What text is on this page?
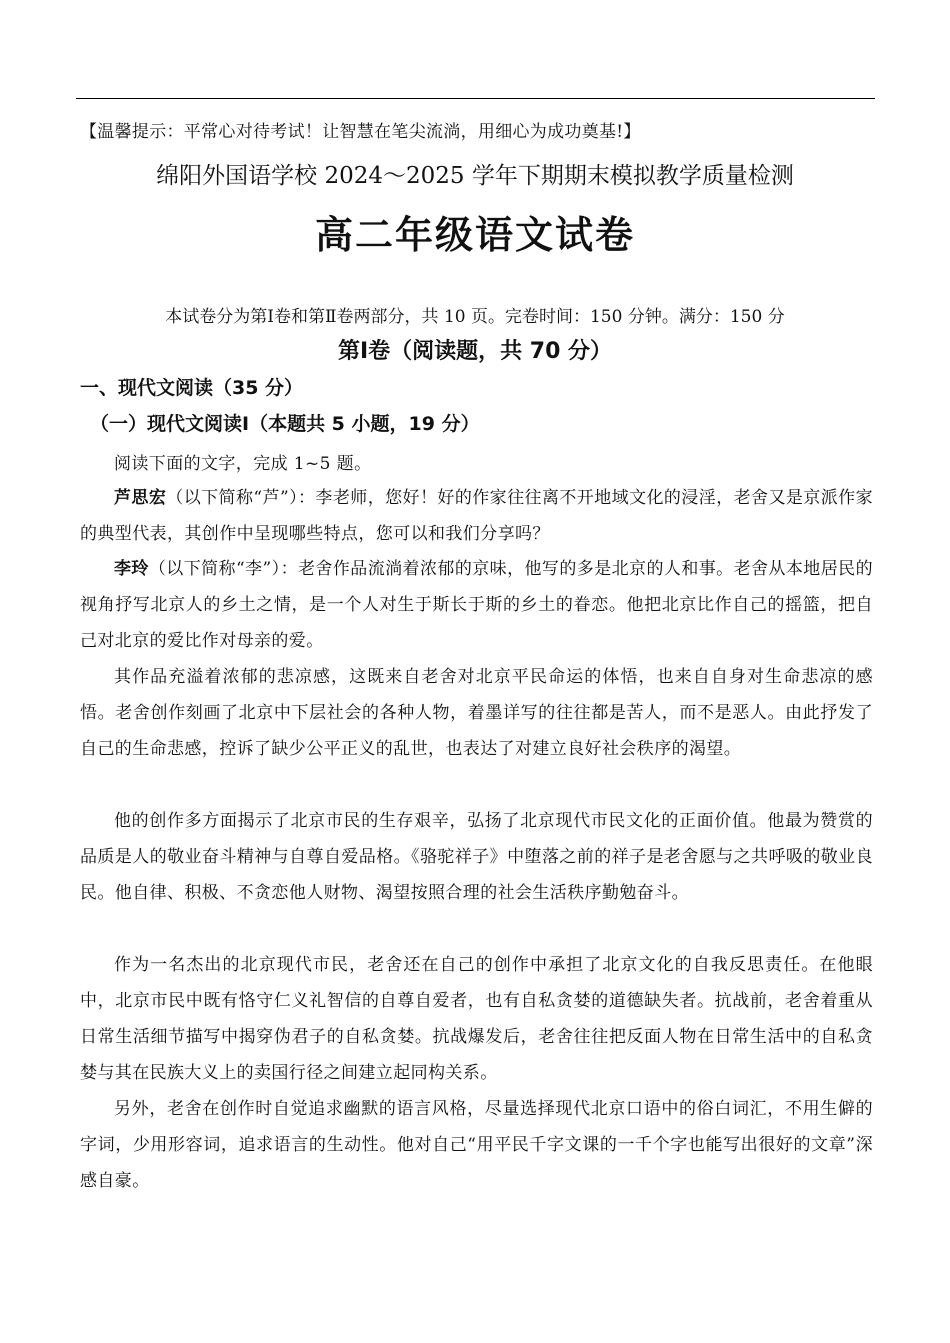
【温馨提示：平常心对待考试！让智慧在笔尖流淌，用细心为成功奠基!】
绵阳外国语学校 2024～2025 学年下期期末模拟教学质量检测
高二年级语文试卷
本试卷分为第Ⅰ卷和第Ⅱ卷两部分，共 10 页。完卷时间：150 分钟。满分：150 分
第Ⅰ卷（阅读题，共 70 分）
一、现代文阅读（35 分）
（一）现代文阅读Ⅰ（本题共 5 小题，19 分）
阅读下面的文字，完成 1~5 题。
芦思宏（以下简称“芦”）：李老师，您好！好的作家往往离不开地域文化的浸淫，老舍又是京派作家的典型代表，其创作中呈现哪些特点，您可以和我们分享吗？
李玲（以下简称“李”）：老舍作品流淌着浓郁的京味，他写的多是北京的人和事。老舍从本地居民的视角抒写北京人的乡土之情，是一个人对生于斯长于斯的乡土的眷恋。他把北京比作自己的摇篮，把自己对北京的爱比作对母亲的爱。
其作品充溢着浓郁的悲凉感，这既来自老舍对北京平民命运的体悟，也来自自身对生命悲凉的感悟。老舍创作刻画了北京中下层社会的各种人物，着墨详写的往往都是苦人，而不是恶人。由此抒发了自己的生命悲感，控诉了缺少公平正义的乱世，也表达了对建立良好社会秩序的渴望。
他的创作多方面揭示了北京市民的生存艰辛，弘扬了北京现代市民文化的正面价值。他最为赞赏的品质是人的敬业奋斗精神与自尊自爱品格。《骆驼祥子》中堕落之前的祥子是老舍愿与之共呼吸的敬业良民。他自律、积极、不贪恋他人财物、渴望按照合理的社会生活秩序勤勉奋斗。
作为一名杰出的北京现代市民，老舍还在自己的创作中承担了北京文化的自我反思责任。在他眼中，北京市民中既有恪守仁义礼智信的自尊自爱者，也有自私贪婪的道德缺失者。抗战前，老舍着重从日常生活细节描写中揭穿伪君子的自私贪婪。抗战爆发后，老舍往往把反面人物在日常生活中的自私贪婪与其在民族大义上的卖国行径之间建立起同构关系。
另外，老舍在创作时自觉追求幽默的语言风格，尽量选择现代北京口语中的俗白词汇，不用生僻的字词，少用形容词，追求语言的生动性。他对自己“用平民千字文课的一千个字也能写出很好的文章”深感自豪。
